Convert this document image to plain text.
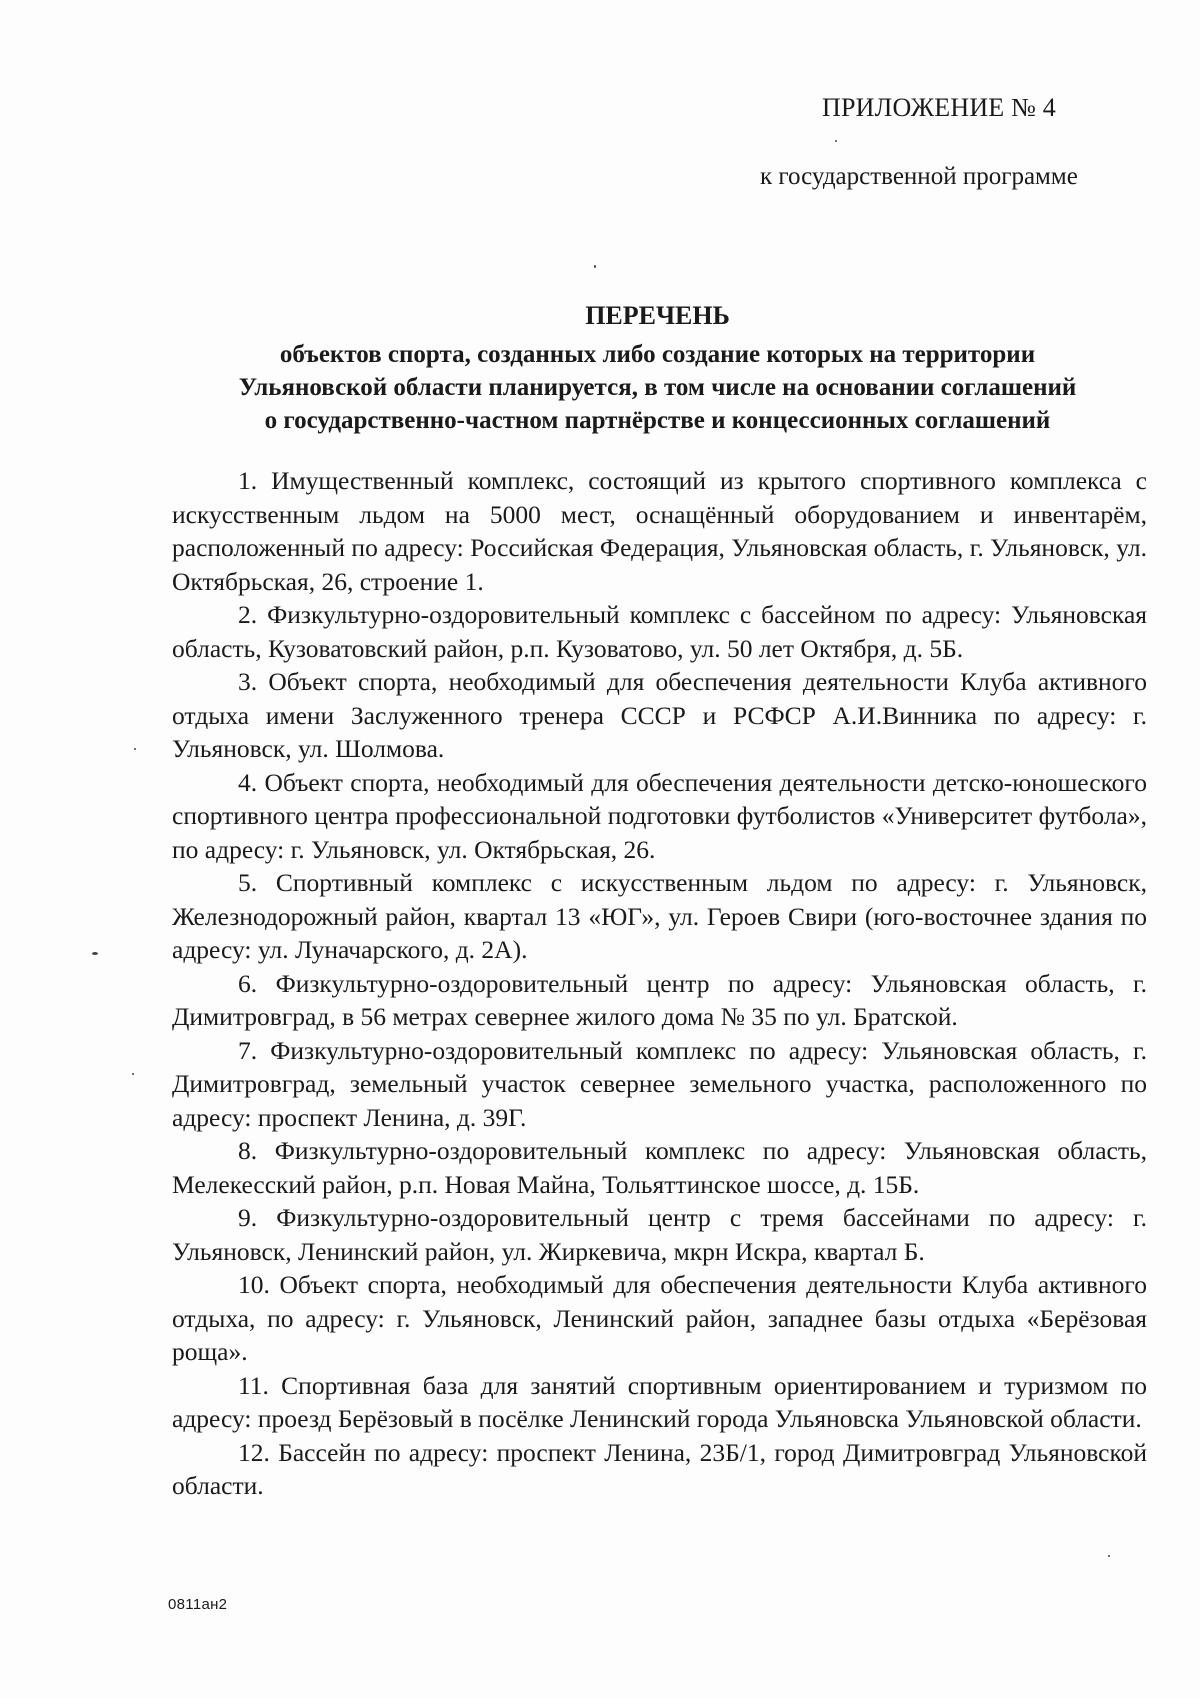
ПРИЛОЖЕНИЕ № 4
к государственной программе
ПЕРЕЧЕНЬ
объектов спорта, созданных либо создание которых на территории
Ульяновской области планируется, в том числе на основании соглашений
о государственно-частном партнёрстве и концессионных соглашений

1. Имущественный комплекс, состоящий из крытого спортивного комплекса с искусственным льдом на 5000 мест, оснащённый оборудованием и инвентарём, расположенный по адресу: Российская Федерация, Ульяновская область, г. Ульяновск, ул. Октябрьская, 26, строение 1.

2. Физкультурно-оздоровительный комплекс с бассейном по адресу: Ульяновская область, Кузоватовский район, р.п. Кузоватово, ул. 50 лет Октября, д. 5Б.

3. Объект спорта, необходимый для обеспечения деятельности Клуба активного отдыха имени Заслуженного тренера СССР и РСФСР А.И.Винника по адресу: г. Ульяновск, ул. Шолмова.

4. Объект спорта, необходимый для обеспечения деятельности детско-юношеского спортивного центра профессиональной подготовки футболистов «Университет футбола», по адресу: г. Ульяновск, ул. Октябрьская, 26.

5. Спортивный комплекс с искусственным льдом по адресу: г. Ульяновск, Железнодорожный район, квартал 13 «ЮГ», ул. Героев Свири (юго-восточнее здания по адресу: ул. Луначарского, д. 2А).

6. Физкультурно-оздоровительный центр по адресу: Ульяновская область, г. Димитровград, в 56 метрах севернее жилого дома № 35 по ул. Братской.

7. Физкультурно-оздоровительный комплекс по адресу: Ульяновская область, г. Димитровград, земельный участок севернее земельного участка, расположенного по адресу: проспект Ленина, д. 39Г.

8. Физкультурно-оздоровительный комплекс по адресу: Ульяновская область, Мелекесский район, р.п. Новая Майна, Тольяттинское шоссе, д. 15Б.

9. Физкультурно-оздоровительный центр с тремя бассейнами по адресу: г. Ульяновск, Ленинский район, ул. Жиркевича, мкрн Искра, квартал Б.

10. Объект спорта, необходимый для обеспечения деятельности Клуба активного отдыха, по адресу: г. Ульяновск, Ленинский район, западнее базы отдыха «Берёзовая роща».

11. Спортивная база для занятий спортивным ориентированием и туризмом по адресу: проезд Берёзовый в посёлке Ленинский города Ульяновска Ульяновской области.

12. Бассейн по адресу: проспект Ленина, 23Б/1, город Димитровград Ульяновской области.

0811ан2
